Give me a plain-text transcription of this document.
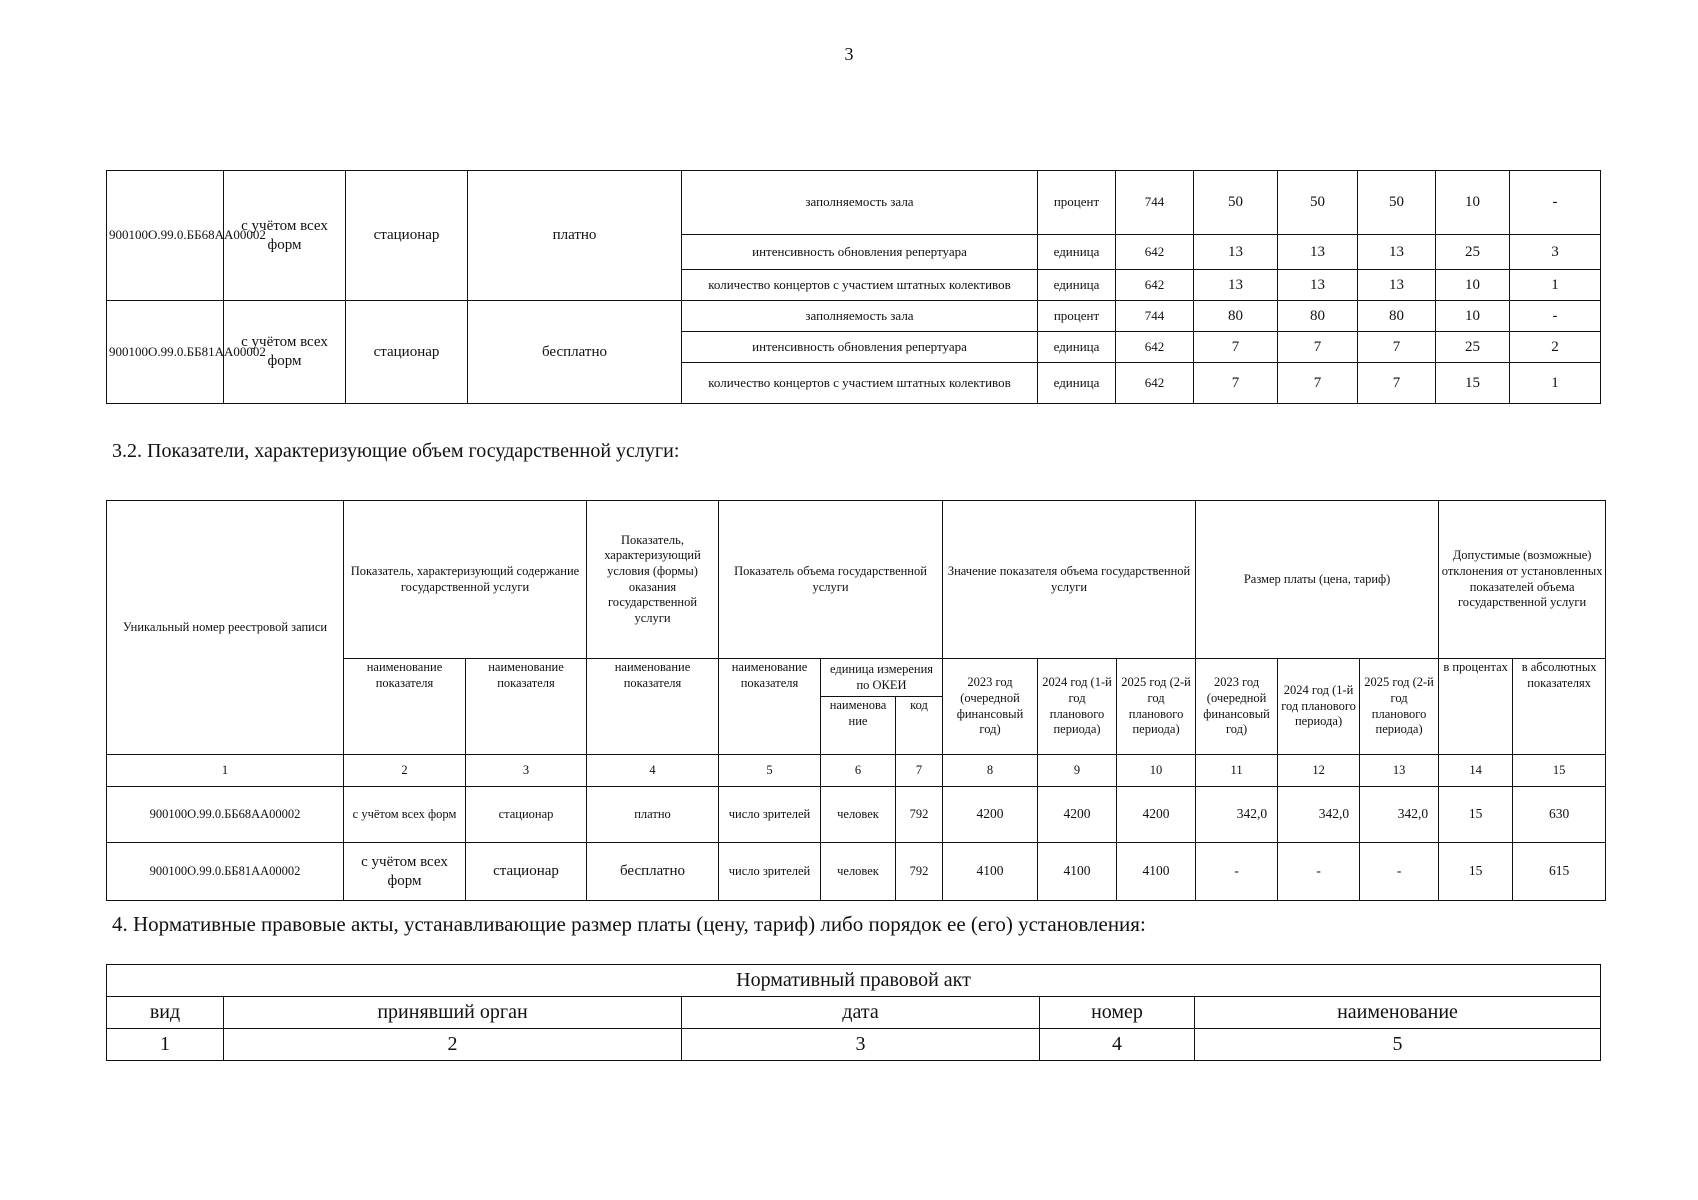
3
900100О.99.0.ББ68АА00002	с учётом всех форм	стационар	платно	заполняемость зала	процент	744	50	50	50	10	-
				интенсивность обновления репертуара	единица	642	13	13	13	25	3
				количество концертов с участием штатных колективов	единица	642	13	13	13	10	1
900100О.99.0.ББ81АА00002	с учётом всех форм	стационар	бесплатно	заполняемость зала	процент	744	80	80	80	10	-
				интенсивность обновления репертуара	единица	642	7	7	7	25	2
				количество концертов с участием штатных колективов	единица	642	7	7	7	15	1
3.2. Показатели, характеризующие объем государственной услуги:
Уникальный номер реестровой записи	Показатель, характеризующий содержание государственной услуги		Показатель, характеризующий условия (формы) оказания государственной услуги	Показатель объема государственной услуги			Значение показателя объема государственной услуги			Размер платы (цена, тариф)			Допустимые (возможные) отклонения от установленных показателей объема государственной услуги	
	наименование показателя	наименование показателя	наименование показателя	наименование показателя	единица измерения по ОКЕИ		2023 год (очередной финансовый год)	2024 год (1-й год планового периода)	2025 год (2-й год планового периода)	2023 год (очередной финансовый год)	2024 год (1-й год планового периода)	2025 год (2-й год планового периода)	в процентах	в абсолютных показателях
					наименова ние	код								
1	2	3	4	5	6	7	8	9	10	11	12	13	14	15
900100О.99.0.ББ68АА00002	с учётом всех форм	стационар	платно	число зрителей	человек	792	4200	4200	4200	342,0	342,0	342,0	15	630
900100О.99.0.ББ81АА00002	с учётом всех форм	стационар	бесплатно	число зрителей	человек	792	4100	4100	4100	-	-	-	15	615
4. Нормативные правовые акты, устанавливающие размер платы (цену, тариф) либо порядок ее (его) установления:
Нормативный правовой акт				
вид	принявший орган	дата	номер	наименование
1	2	3	4	5
